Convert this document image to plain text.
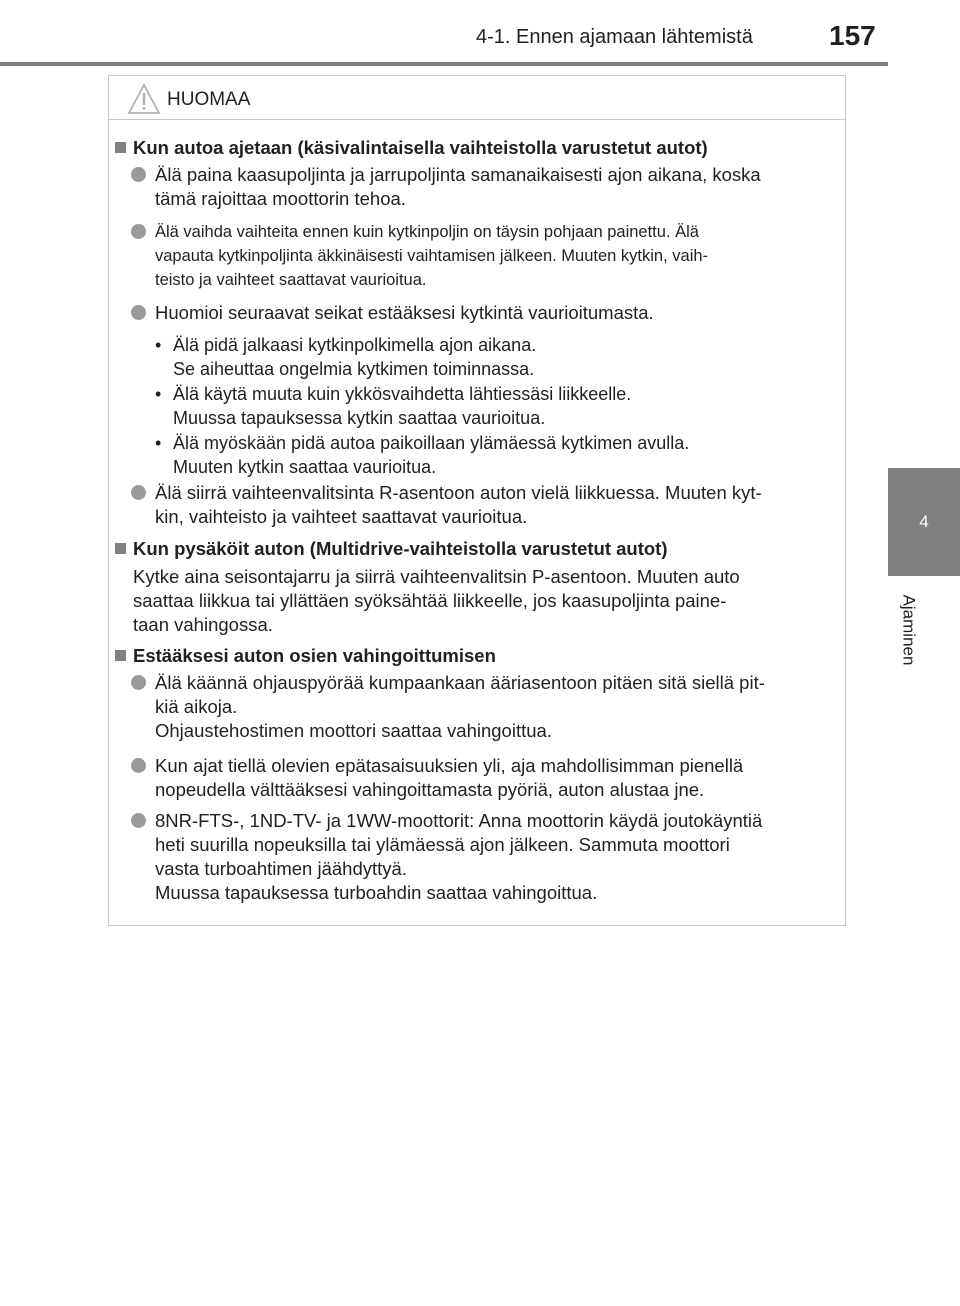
4-1. Ennen ajamaan lähtemistä	157
4
Ajaminen
HUOMAA
Kun autoa ajetaan (käsivalintaisella vaihteistolla varustetut autot)
Älä paina kaasupoljinta ja jarrupoljinta samanaikaisesti ajon aikana, koska
tämä rajoittaa moottorin tehoa.
Älä vaihda vaihteita ennen kuin kytkinpoljin on täysin pohjaan painettu. Älä
vapauta kytkinpoljinta äkkinäisesti vaihtamisen jälkeen. Muuten kytkin, vaih-
teisto ja vaihteet saattavat vaurioitua.
Huomioi seuraavat seikat estääksesi kytkintä vaurioitumasta.
• Älä pidä jalkaasi kytkinpolkimella ajon aikana.
Se aiheuttaa ongelmia kytkimen toiminnassa.
• Älä käytä muuta kuin ykkösvaihdetta lähtiessäsi liikkeelle.
Muussa tapauksessa kytkin saattaa vaurioitua.
• Älä myöskään pidä autoa paikoillaan ylämäessä kytkimen avulla.
Muuten kytkin saattaa vaurioitua.
Älä siirrä vaihteenvalitsinta R-asentoon auton vielä liikkuessa. Muuten kyt-
kin, vaihteisto ja vaihteet saattavat vaurioitua.
Kun pysäköit auton (Multidrive-vaihteistolla varustetut autot)
Kytke aina seisontajarru ja siirrä vaihteenvalitsin P-asentoon. Muuten auto
saattaa liikkua tai yllättäen syöksähtää liikkeelle, jos kaasupoljinta paine-
taan vahingossa.
Estääksesi auton osien vahingoittumisen
Älä käännä ohjauspyörää kumpaankaan ääriasentoon pitäen sitä siellä pit-
kiä aikoja.
Ohjaustehostimen moottori saattaa vahingoittua.
Kun ajat tiellä olevien epätasaisuuksien yli, aja mahdollisimman pienellä
nopeudella välttääksesi vahingoittamasta pyöriä, auton alustaa jne.
8NR-FTS-, 1ND-TV- ja 1WW-moottorit: Anna moottorin käydä joutokäyntiä
heti suurilla nopeuksilla tai ylämäessä ajon jälkeen. Sammuta moottori
vasta turboahtimen jäähdyttyä.
Muussa tapauksessa turboahdin saattaa vahingoittua.
